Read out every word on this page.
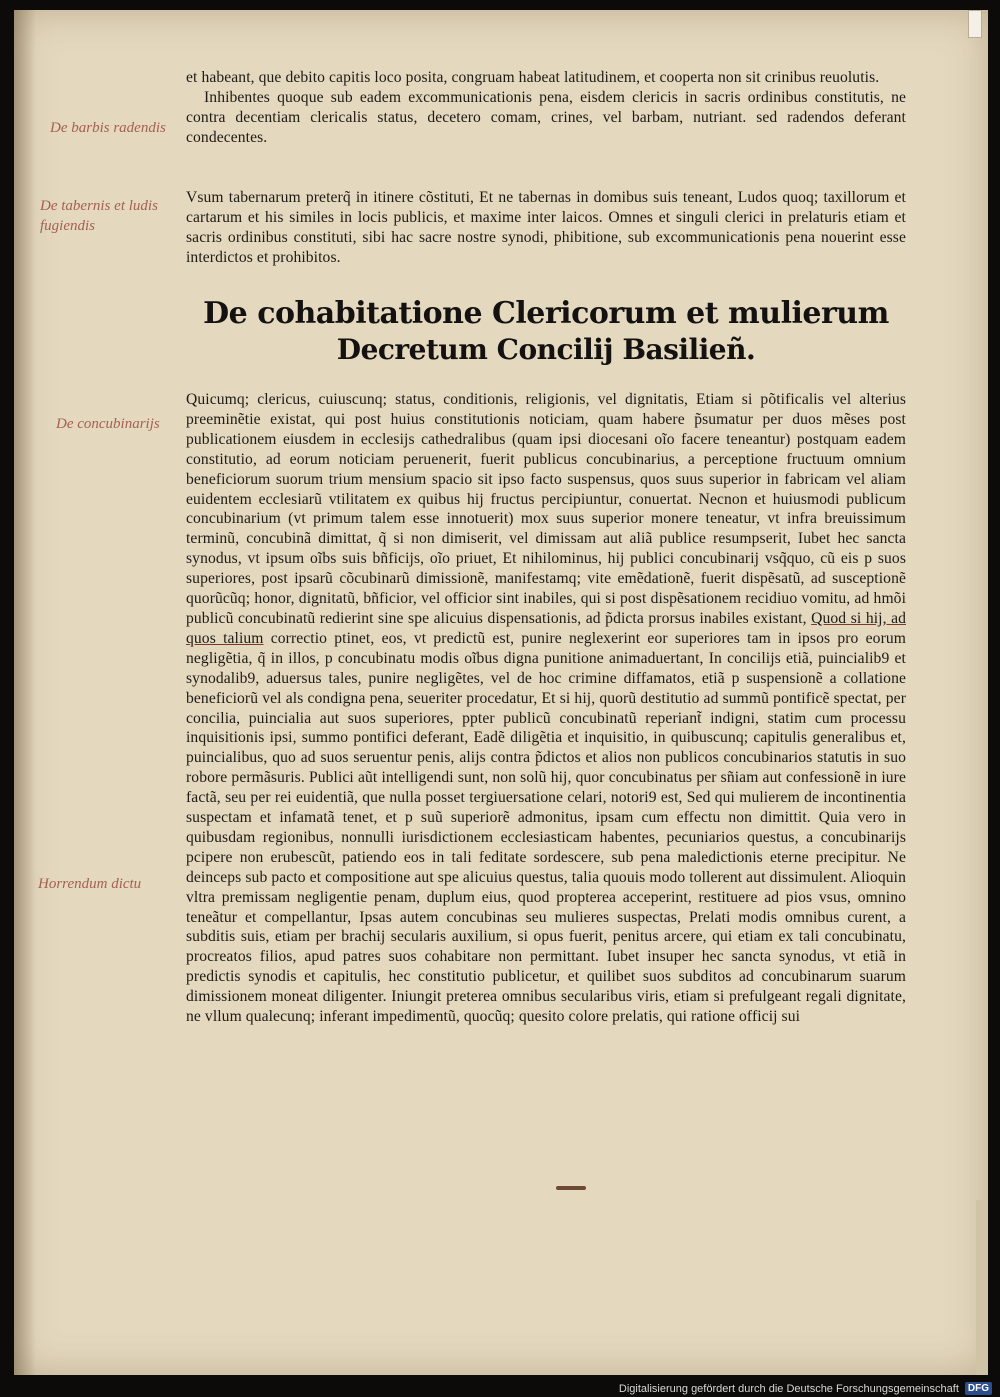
De barbis radendis
De tabernis et ludis fugiendis
De concubinarijs
Horrendum dictu

et habeant, que debito capitis loco posita, congruam habeat latitudinem, et cooperta non sit crinibus reuolutis.

Inhibentes quoque sub eadem excommunicationis pena, eisdem clericis in sacris ordinibus constitutis, ne contra decentiam clericalis status, decetero comam, crines, vel barbam, nutriant. sed radendos deferant condecentes.

Vsum tabernarum preterq̃ in itinere cõstituti, Et ne tabernas in domibus suis teneant, Ludos quoq; taxillorum et cartarum et his similes in locis publicis, et maxime inter laicos. Omnes et singuli clerici in prelaturis etiam et sacris ordinibus constituti, sibi hac sacre nostre synodi, phibitione, sub excommunicationis pena nouerint esse interdictos et prohibitos.

De cohabitatione Clericorum et mulierum
Decretum Concilij Basilieñ.

Quicumq; clericus, cuiuscunq; status, conditionis, religionis, vel dignitatis, Etiam si põtificalis vel alterius preeminẽtie existat, qui post huius constitutionis noticiam, quam habere p̃sumatur per duos mẽses post publicationem eiusdem in ecclesijs cathedralibus (quam ipsi diocesani oĩo facere teneantur) postquam eadem constitutio, ad eorum noticiam peruenerit, fuerit publicus concubinarius, a perceptione fructuum omnium beneficiorum suorum trium mensium spacio sit ipso facto suspensus, quos suus superior in fabricam vel aliam euidentem ecclesiarũ vtilitatem ex quibus hij fructus percipiuntur, conuertat. Necnon et huiusmodi publicum concubinarium (vt primum talem esse innotuerit) mox suus superior monere teneatur, vt infra breuissimum terminũ, concubinã dimittat, q̃ si non dimiserit, vel dimissam aut aliã publice resumpserit, Iubet hec sancta synodus, vt ipsum oĩbs suis bñficijs, oĩo priuet, Et nihilominus, hij publici concubinarij vsq̃quo, cũ eis p suos superiores, post ipsarũ cõcubinarũ dimissionẽ, manifestamq; vite emẽdationẽ, fuerit dispẽsatũ, ad susceptionẽ quorũcũq; honor, dignitatũ, bñficior, vel officior sint inabiles, qui si post dispẽsationem recidiuo vomitu, ad hmõi publicũ concubinatũ redierint sine spe alicuius dispensationis, ad p̃dicta prorsus inabiles existant, Quod si hij, ad quos talium correctio ptinet, eos, vt predictũ est, punire neglexerint eor superiores tam in ipsos pro eorum negligẽtia, q̃ in illos, p concubinatu modis oĩbus digna punitione animaduertant, In concilijs etiã, puincialib9 et synodalib9, aduersus tales, punire negligẽtes, vel de hoc crimine diffamatos, etiã p suspensionẽ a collatione beneficiorũ vel als condigna pena, seueriter procedatur, Et si hij, quorũ destitutio ad summũ pontificẽ spectat, per concilia, puincialia aut suos superiores, ppter publicũ concubinatũ reperiant̃ indigni, statim cum processu inquisitionis ipsi, summo pontifici deferant, Eadẽ diligẽtia et inquisitio, in quibuscunq; capitulis generalibus et, puincialibus, quo ad suos seruentur penis, alijs contra p̃dictos et alios non publicos concubinarios statutis in suo robore permãsuris. Publici aũt intelligendi sunt, non solũ hij, quor concubinatus per sñiam aut confessionẽ in iure factã, seu per rei euidentiã, que nulla posset tergiuersatione celari, notori9 est, Sed qui mulierem de incontinentia suspectam et infamatã tenet, et p suũ superiorẽ admonitus, ipsam cum effectu non dimittit. Quia vero in quibusdam regionibus, nonnulli iurisdictionem ecclesiasticam habentes, pecuniarios questus, a concubinarijs pcipere non erubescũt, patiendo eos in tali feditate sordescere, sub pena maledictionis eterne precipitur. Ne deinceps sub pacto et compositione aut spe alicuius questus, talia quouis modo tollerent aut dissimulent. Alioquin vltra premissam negligentie penam, duplum eius, quod propterea acceperint, restituere ad pios vsus, omnino teneãtur et compellantur, Ipsas autem concubinas seu mulieres suspectas, Prelati modis omnibus curent, a subditis suis, etiam per brachij secularis auxilium, si opus fuerit, penitus arcere, qui etiam ex tali concubinatu, procreatos filios, apud patres suos cohabitare non permittant. Iubet insuper hec sancta synodus, vt etiã in predictis synodis et capitulis, hec constitutio publicetur, et quilibet suos subditos ad concubinarum suarum dimissionem moneat diligenter. Iniungit preterea omnibus secularibus viris, etiam si prefulgeant regali dignitate, ne vllum qualecunq; inferant impedimentũ, quocũq; quesito colore prelatis, qui ratione officij sui

Digitalisierung gefördert durch die Deutsche Forschungsgemeinschaft DFG
